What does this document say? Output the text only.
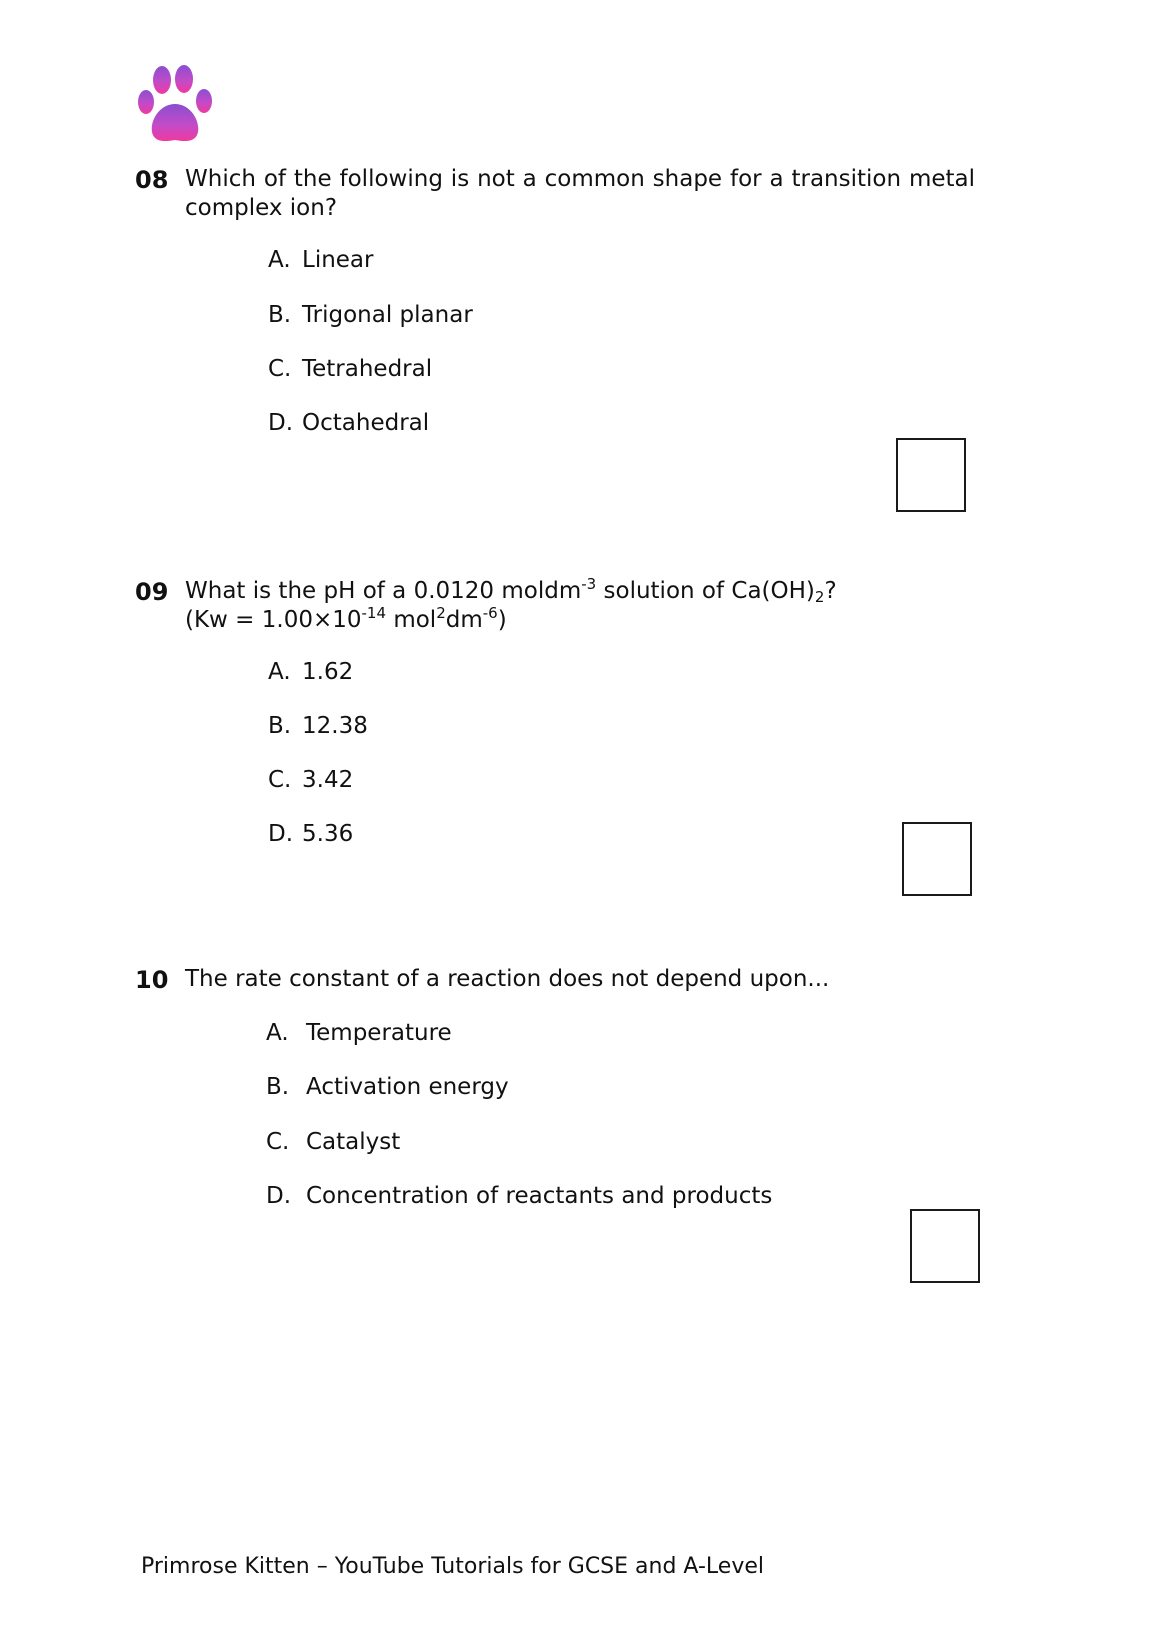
08 Which of the following is not a common shape for a transition metal complex ion?
A. Linear
B. Trigonal planar
C. Tetrahedral
D. Octahedral
09 What is the pH of a 0.0120 moldm$^{-3}$ solution of $Ca(OH)_2$?
($Kw = 1.00\times 10^{-14}$ $mol^2dm^{-6}$)
A. 1.62
B. 12.38
C. 3.42
D. 5.36
10 The rate constant of a reaction does not depend upon...
A. Temperature
B. Activation energy
C. Catalyst
D. Concentration of reactants and products
Primrose Kitten – YouTube Tutorials for GCSE and A-Level
